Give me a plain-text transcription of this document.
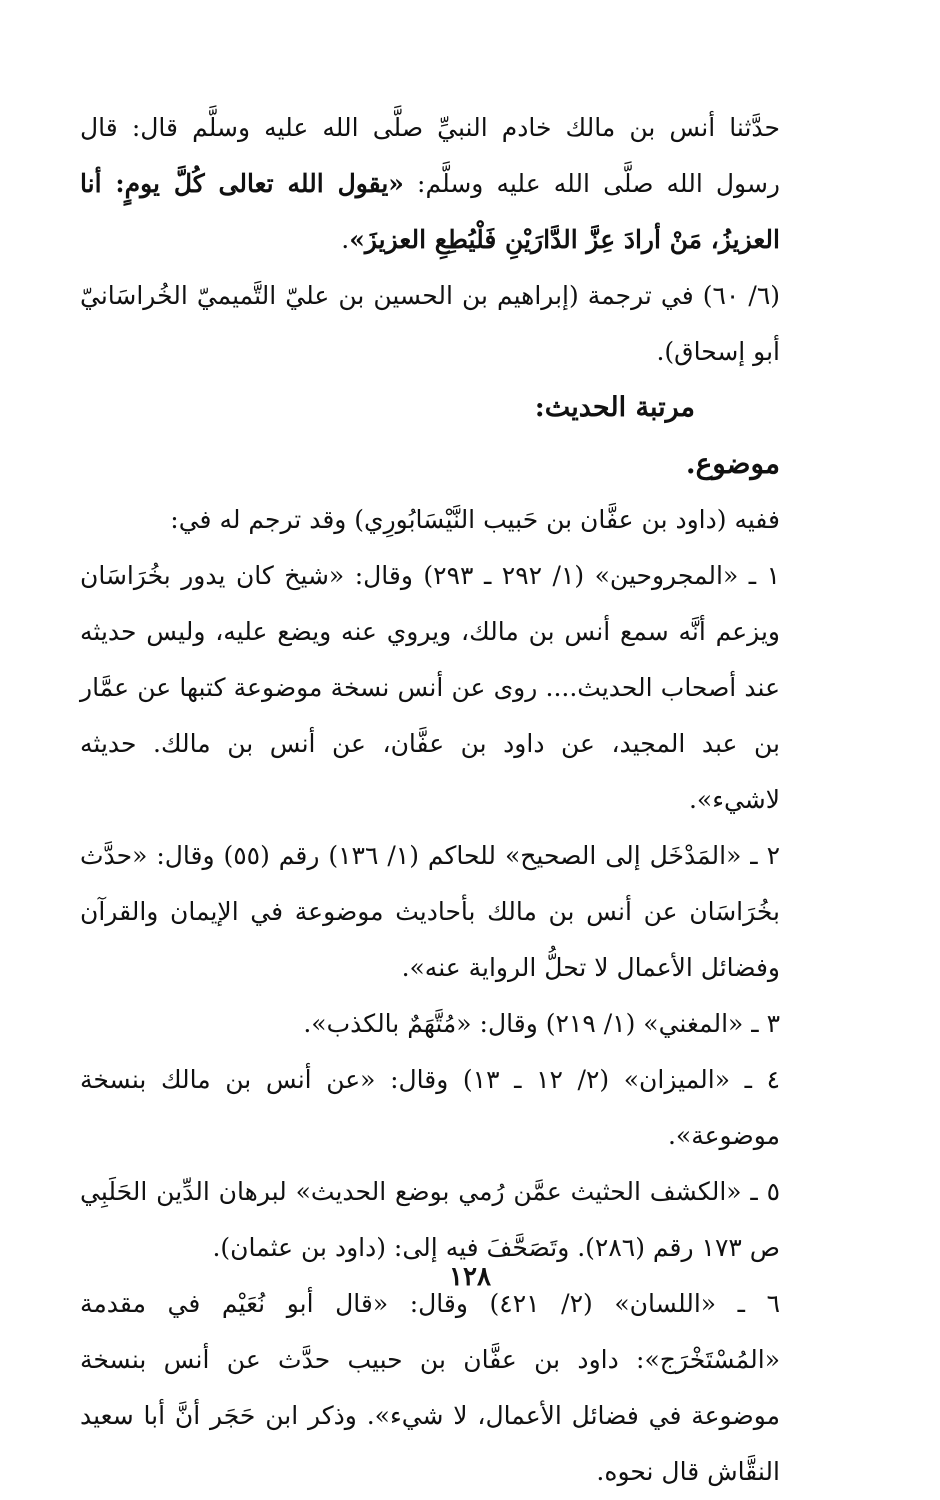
حدَّثنا أنس بن مالك خادم النبيِّ صلَّى الله عليه وسلَّم قال: قال رسول الله صلَّى الله عليه وسلَّم: «يقول الله تعالى كُلَّ يومٍ: أنا العزيزُ، مَنْ أرادَ عِزَّ الدَّارَيْنِ فَلْيُطِعِ العزيزَ».

(٦/ ٦٠) في ترجمة (إبراهيم بن الحسين بن عليّ التَّميميّ الخُراسَانيّ أبو إسحاق).

مرتبة الحديث:

موضوع.

ففيه (داود بن عفَّان بن حَبيب النَّيْسَابُورِي) وقد ترجم له في:

١ ـ «المجروحين» (١/ ٢٩٢ ـ ٢٩٣) وقال: «شيخ كان يدور بخُرَاسَان ويزعم أنَّه سمع أنس بن مالك، ويروي عنه ويضع عليه، وليس حديثه عند أصحاب الحديث.... روى عن أنس نسخة موضوعة كتبها عن عمَّار بن عبد المجيد، عن داود بن عفَّان، عن أنس بن مالك. حديثه لاشيء».

٢ ـ «المَدْخَل إلى الصحيح» للحاكم (١/ ١٣٦) رقم (٥٥) وقال: «حدَّث بخُرَاسَان عن أنس بن مالك بأحاديث موضوعة في الإيمان والقرآن وفضائل الأعمال لا تحلُّ الرواية عنه».

٣ ـ «المغني» (١/ ٢١٩) وقال: «مُتَّهَمٌ بالكذب».

٤ ـ «الميزان» (٢/ ١٢ ـ ١٣) وقال: «عن أنس بن مالك بنسخة موضوعة».

٥ ـ «الكشف الحثيث عمَّن رُمي بوضع الحديث» لبرهان الدِّين الحَلَبِي ص ١٧٣ رقم (٢٨٦). وتَصَحَّفَ فيه إلى: (داود بن عثمان).

٦ ـ «اللسان» (٢/ ٤٢١) وقال: «قال أبو نُعَيْم في مقدمة «المُسْتَخْرَج»: داود بن عفَّان بن حبيب حدَّث عن أنس بنسخة موضوعة في فضائل الأعمال، لا شيء». وذكر ابن حَجَر أنَّ أبا سعيد النقَّاش قال نحوه.

١٢٨
